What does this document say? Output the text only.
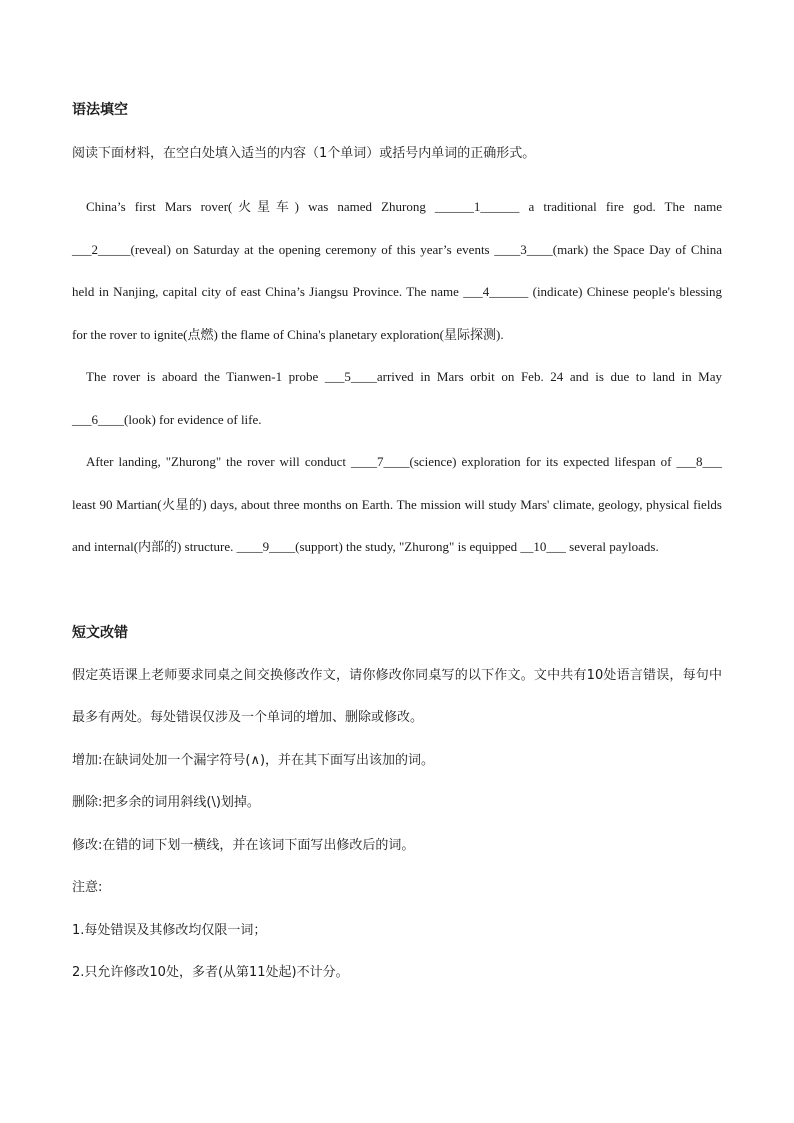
语法填空
阅读下面材料，在空白处填入适当的内容（1个单词）或括号内单词的正确形式。

China’s first Mars rover(火星车) was named Zhurong ______1______ a traditional fire god. The name ___2_____(reveal) on Saturday at the opening ceremony of this year’s events ____3____(mark) the Space Day of China held in Nanjing, capital city of east China’s Jiangsu Province. The name ___4______ (indicate) Chinese people's blessing for the rover to ignite(点燃) the flame of China's planetary exploration(星际探测).

The rover is aboard the Tianwen-1 probe ___5____arrived in Mars orbit on Feb. 24 and is due to land in May ___6____(look) for evidence of life.

After landing, "Zhurong" the rover will conduct ____7____(science) exploration for its expected lifespan of ___8___ least 90 Martian(火星的) days, about three months on Earth. The mission will study Mars' climate, geology, physical fields and internal(内部的) structure. ____9____(support) the study, "Zhurong" is equipped __10___ several payloads.

短文改错

假定英语课上老师要求同桌之间交换修改作文，请你修改你同桌写的以下作文。文中共有10处语言错误，每句中最多有两处。每处错误仅涉及一个单词的增加、删除或修改。

增加:在缺词处加一个漏字符号(∧)，并在其下面写出该加的词。

删除:把多余的词用斜线(\)划掉。

修改:在错的词下划一横线，并在该词下面写出修改后的词。

注意:

1.每处错误及其修改均仅限一词；

2.只允许修改10处，多者(从第11处起)不计分。
